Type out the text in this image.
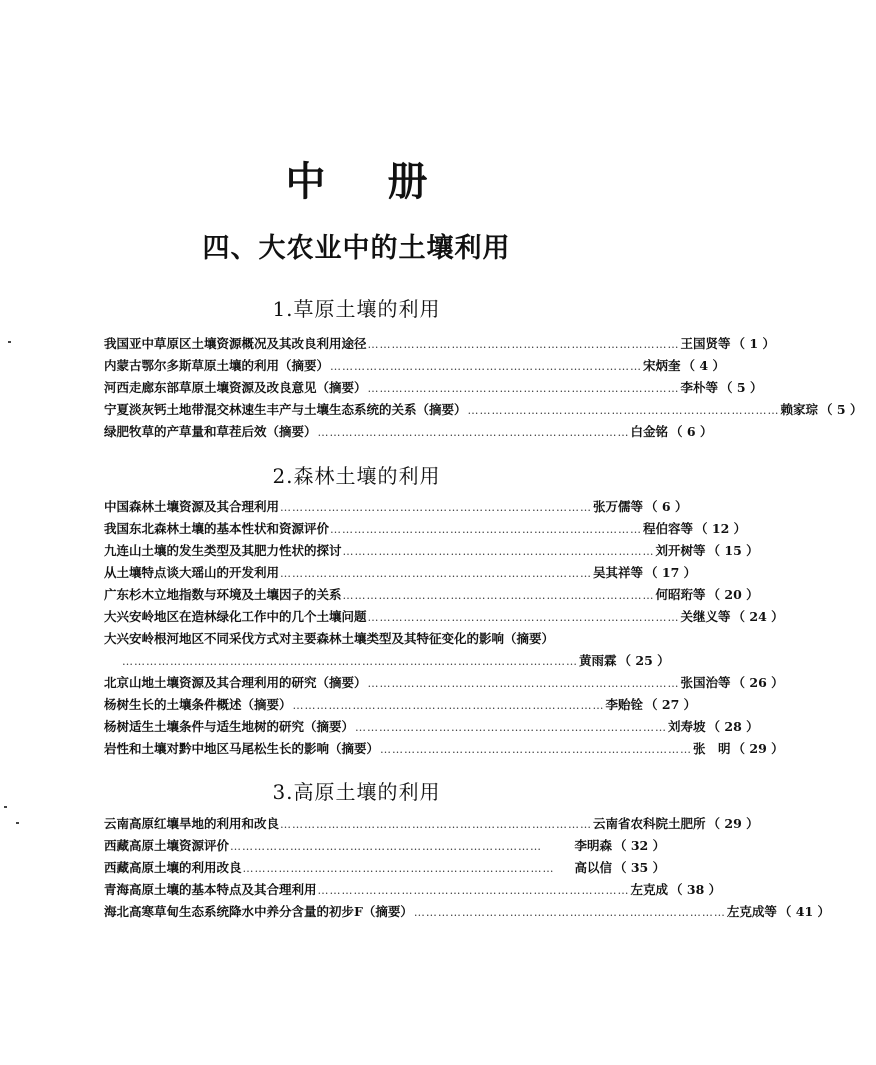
中册
四、大农业中的土壤利用
1.草原土壤的利用
我国亚中草原区土壤资源概况及其改良利用途径 …………………………………………………………………… 王国贤等 （ 1 ）
内蒙古鄂尔多斯草原土壤的利用（摘要） …………………………………………………………………… 宋炳奎 （ 4 ）
河西走廊东部草原土壤资源及改良意见（摘要） …………………………………………………………………… 李朴等 （ 5 ）
宁夏淡灰钙土地带混交林速生丰产与土壤生态系统的关系（摘要） …………………………………………………………………… 赖家琮 （ 5 ）
绿肥牧草的产草量和草茬后效（摘要） …………………………………………………………………… 白金铭 （ 6 ）
2.森林土壤的利用
中国森林土壤资源及其合理利用 …………………………………………………………………… 张万儒等 （ 6 ）
我国东北森林土壤的基本性状和资源评价 …………………………………………………………………… 程伯容等 （ 12 ）
九连山土壤的发生类型及其肥力性状的探讨 …………………………………………………………………… 刘开树等 （ 15 ）
从土壤特点谈大瑶山的开发利用 …………………………………………………………………… 吴其祥等 （ 17 ）
广东杉木立地指数与环境及土壤因子的关系 …………………………………………………………………… 何昭珩等 （ 20 ）
大兴安岭地区在造林绿化工作中的几个土壤问题 …………………………………………………………………… 关继义等 （ 24 ）
大兴安岭根河地区不同采伐方式对主要森林土壤类型及其特征变化的影响（摘要）
…………………………………………………………………………………………………… 黄雨霖 （ 25 ）
北京山地土壤资源及其合理利用的研究（摘要） …………………………………………………………………… 张国治等 （ 26 ）
杨树生长的土壤条件概述（摘要） …………………………………………………………………… 李贻铨 （ 27 ）
杨树适生土壤条件与适生地树的研究（摘要） …………………………………………………………………… 刘寿坡 （ 28 ）
岩性和土壤对黔中地区马尾松生长的影响（摘要） …………………………………………………………………… 张　明 （ 29 ）
3.高原土壤的利用
云南高原红壤旱地的利用和改良 …………………………………………………………………… 云南省农科院土肥所 （ 29 ）
西藏高原土壤资源评价 ……………………………………………………………………	李明森 （ 32 ）
西藏高原土壤的利用改良 ……………………………………………………………………	高以信 （ 35 ）
青海高原土壤的基本特点及其合理利用 …………………………………………………………………… 左克成 （ 38 ）
海北高寒草甸生态系统降水中养分含量的初步F（摘要） …………………………………………………………………… 左克成等 （ 41 ）
